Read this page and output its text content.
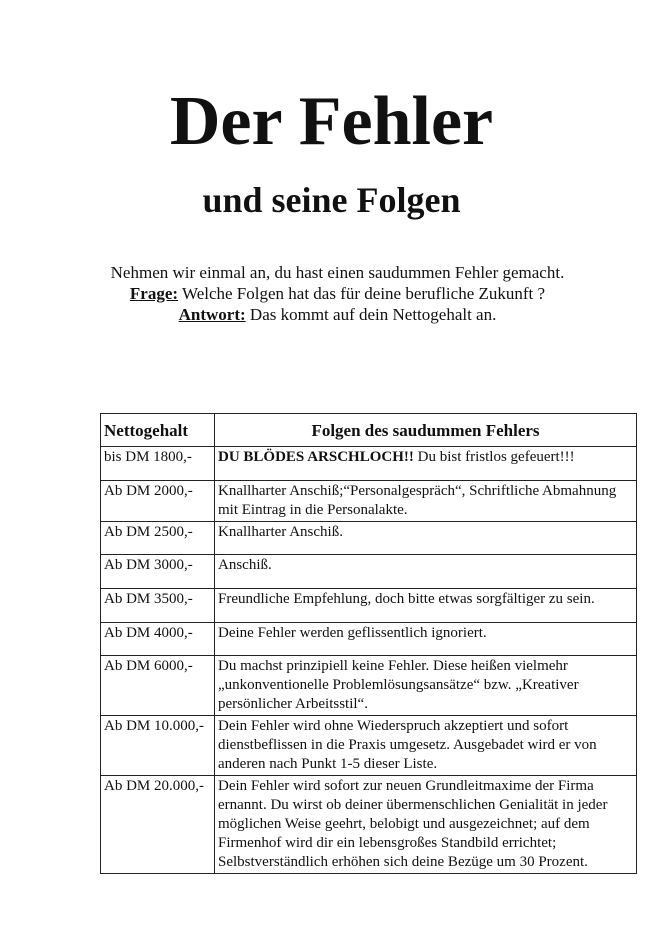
Der Fehler
und seine Folgen
Nehmen wir einmal an, du hast einen saudummen Fehler gemacht.
Frage: Welche Folgen hat das für deine berufliche Zukunft ?
Antwort: Das kommt auf dein Nettogehalt an.
Nettogehalt	Folgen des saudummen Fehlers
bis DM 1800,-	DU BLÖDES ARSCHLOCH!! Du bist fristlos gefeuert!!!
Ab DM 2000,-	Knallharter Anschiß;“Personalgespräch“, Schriftliche Abmahnung mit Eintrag in die Personalakte.
Ab DM 2500,-	Knallharter Anschiß.
Ab DM 3000,-	Anschiß.
Ab DM 3500,-	Freundliche Empfehlung, doch bitte etwas sorgfältiger zu sein.
Ab DM 4000,-	Deine Fehler werden geflissentlich ignoriert.
Ab DM 6000,-	Du machst prinzipiell keine Fehler. Diese heißen vielmehr „unkonventionelle Problemlösungsansätze“ bzw. „Kreativer persönlicher Arbeitsstil“.
Ab DM 10.000,-	Dein Fehler wird ohne Wiederspruch akzeptiert und sofort dienstbeflissen in die Praxis umgesetz. Ausgebadet wird er von anderen nach Punkt 1-5 dieser Liste.
Ab DM 20.000,-	Dein Fehler wird sofort zur neuen Grundleitmaxime der Firma ernannt. Du wirst ob deiner übermenschlichen Genialität in jeder möglichen Weise geehrt, belobigt und ausgezeichnet; auf dem Firmenhof wird dir ein lebensgroßes Standbild errichtet; Selbstverständlich erhöhen sich deine Bezüge um 30 Prozent.
